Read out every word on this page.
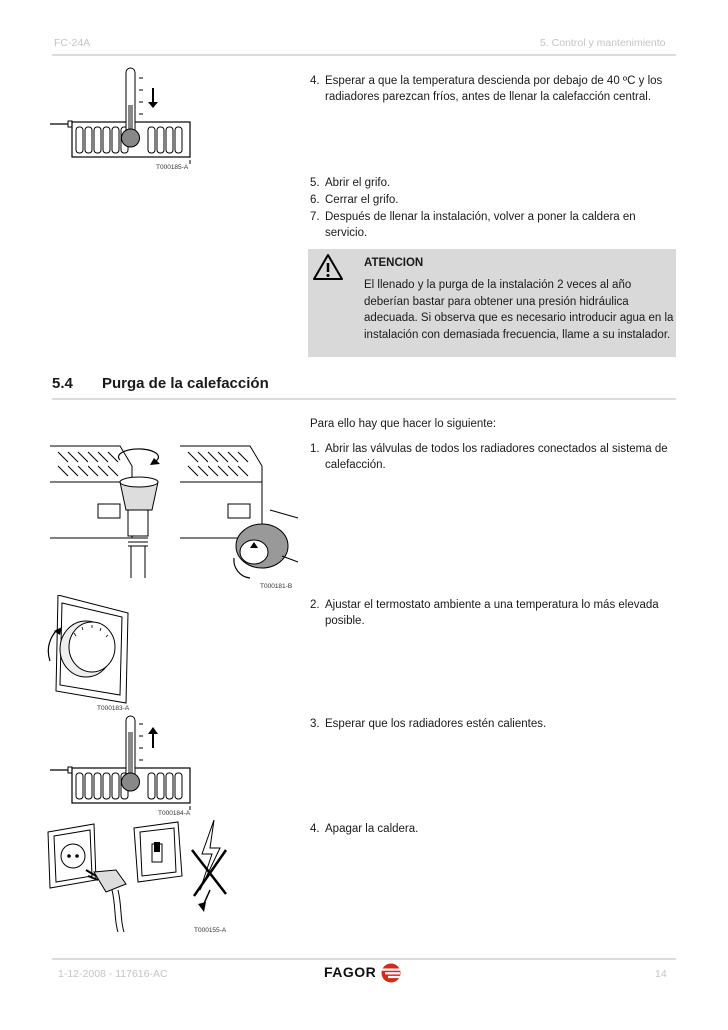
FC-24A	5. Control y mantenimiento
T000185-A
4. Esperar a que la temperatura descienda por debajo de 40 ºC y los radiadores parezcan fríos, antes de llenar la calefacción central.
5. Abrir el grifo.
6. Cerrar el grifo.
7. Después de llenar la instalación, volver a poner la caldera en servicio.
ATENCION
El llenado y la purga de la instalación 2 veces al año deberían bastar para obtener una presión hidráulica adecuada. Si observa que es necesario introducir agua en la instalación con demasiada frecuencia, llame a su instalador.
5.4 Purga de la calefacción
Para ello hay que hacer lo siguiente:
T000181-B
1. Abrir las válvulas de todos los radiadores conectados al sistema de calefacción.
T000183-A
2. Ajustar el termostato ambiente a una temperatura lo más elevada posible.
T000184-A
3. Esperar que los radiadores estén calientes.
T000155-A
4. Apagar la caldera.
1-12-2008 - 117616-AC	FAGOR	14
